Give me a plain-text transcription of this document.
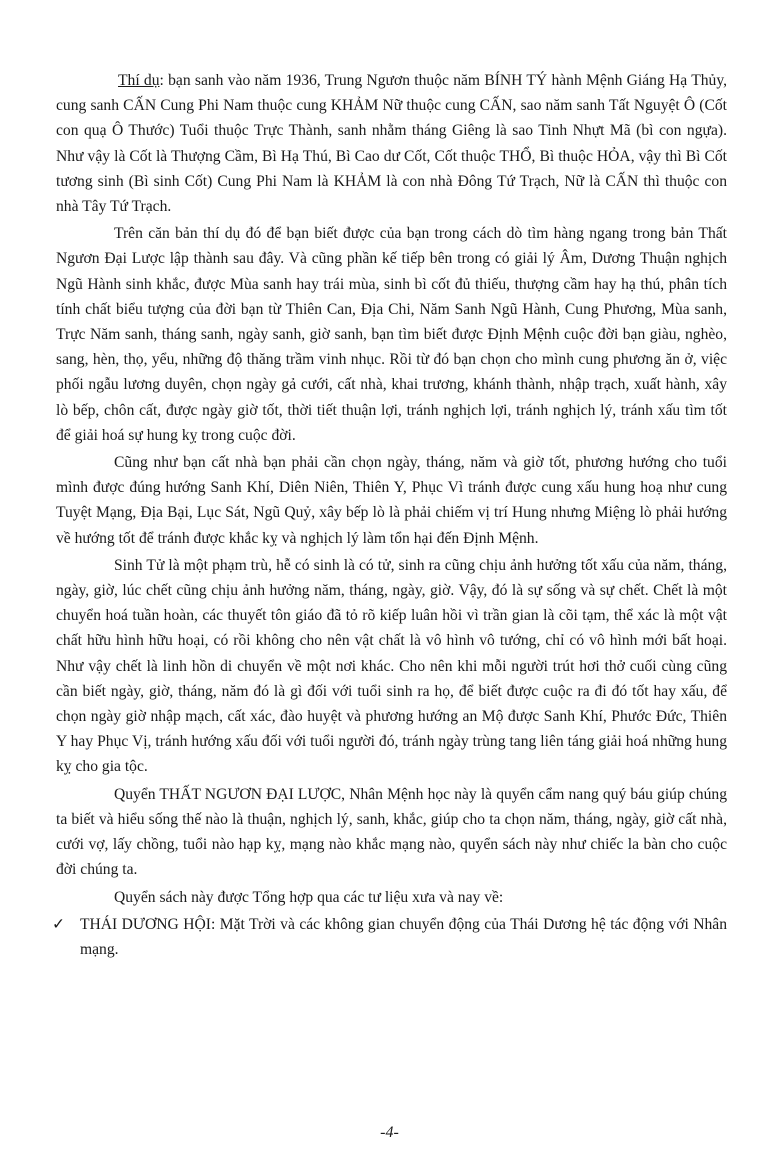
Thí dụ: bạn sanh vào năm 1936, Trung Ngươn thuộc năm BÍNH TÝ hành Mệnh Giáng Hạ Thủy, cung sanh CẤN Cung Phi Nam thuộc cung KHẢM Nữ thuộc cung CẤN, sao năm sanh Tất Nguyệt Ô (Cốt con quạ Ô Thước) Tuổi thuộc Trực Thành, sanh nhằm tháng Giêng là sao Tinh Nhựt Mã (bì con ngựa). Như vậy là Cốt là Thượng Cầm, Bì Hạ Thú, Bì Cao dư Cốt, Cốt thuộc THỔ, Bì thuộc HỎA, vậy thì Bì Cốt tương sinh (Bì sinh Cốt) Cung Phi Nam là KHẢM là con nhà Đông Tứ Trạch, Nữ là CẤN thì thuộc con nhà Tây Tứ Trạch.

Trên căn bản thí dụ đó để bạn biết được của bạn trong cách dò tìm hàng ngang trong bản Thất Ngươn Đại Lược lập thành sau đây. Và cũng phần kế tiếp bên trong có giải lý Âm, Dương Thuận nghịch Ngũ Hành sinh khắc, được Mùa sanh hay trái mùa, sinh bì cốt đủ thiếu, thượng cầm hay hạ thú, phân tích tính chất biểu tượng của đời bạn từ Thiên Can, Địa Chi, Năm Sanh Ngũ Hành, Cung Phương, Mùa sanh, Trực Năm sanh, tháng sanh, ngày sanh, giờ sanh, bạn tìm biết được Định Mệnh cuộc đời bạn giàu, nghèo, sang, hèn, thọ, yểu, những độ thăng trầm vinh nhục. Rồi từ đó bạn chọn cho mình cung phương ăn ở, việc phối ngẫu lương duyên, chọn ngày gả cưới, cất nhà, khai trương, khánh thành, nhập trạch, xuất hành, xây lò bếp, chôn cất, được ngày giờ tốt, thời tiết thuận lợi, tránh nghịch lợi, tránh nghịch lý, tránh xấu tìm tốt để giải hoá sự hung kỵ trong cuộc đời.

Cũng như bạn cất nhà bạn phải cần chọn ngày, tháng, năm và giờ tốt, phương hướng cho tuổi mình được đúng hướng Sanh Khí, Diên Niên, Thiên Y, Phục Vì tránh được cung xấu hung hoạ như cung Tuyệt Mạng, Địa Bại, Lục Sát, Ngũ Quỷ, xây bếp lò là phải chiếm vị trí Hung nhưng Miệng lò phải hướng về hướng tốt để tránh được khắc kỵ và nghịch lý làm tổn hại đến Định Mệnh.

Sinh Tử là một phạm trù, hễ có sinh là có tử, sinh ra cũng chịu ảnh hưởng tốt xấu của năm, tháng, ngày, giờ, lúc chết cũng chịu ảnh hưởng năm, tháng, ngày, giờ. Vậy, đó là sự sống và sự chết. Chết là một chuyển hoá tuần hoàn, các thuyết tôn giáo đã tỏ rõ kiếp luân hồi vì trần gian là cõi tạm, thể xác là một vật chất hữu hình hữu hoại, có rồi không cho nên vật chất là vô hình vô tướng, chỉ có vô hình mới bất hoại. Như vậy chết là linh hồn di chuyển về một nơi khác. Cho nên khi mỗi người trút hơi thở cuối cùng cũng cần biết ngày, giờ, tháng, năm đó là gì đối với tuổi sinh ra họ, để biết được cuộc ra đi đó tốt hay xấu, để chọn ngày giờ nhập mạch, cất xác, đào huyệt và phương hướng an Mộ được Sanh Khí, Phước Đức, Thiên Y hay Phục Vị, tránh hướng xấu đối với tuổi người đó, tránh ngày trùng tang liên táng giải hoá những hung kỵ cho gia tộc.

Quyển THẤT NGƯƠN ĐẠI LƯỢC, Nhân Mệnh học này là quyển cẩm nang quý báu giúp chúng ta biết và hiểu sống thế nào là thuận, nghịch lý, sanh, khắc, giúp cho ta chọn năm, tháng, ngày, giờ cất nhà, cưới vợ, lấy chồng, tuổi nào hạp kỵ, mạng nào khắc mạng nào, quyển sách này như chiếc la bàn cho cuộc đời chúng ta.

Quyển sách này được Tổng hợp qua các tư liệu xưa và nay về:

✓ THÁI DƯƠNG HỘI: Mặt Trời và các không gian chuyển động của Thái Dương hệ tác động với Nhân mạng.

-4-
